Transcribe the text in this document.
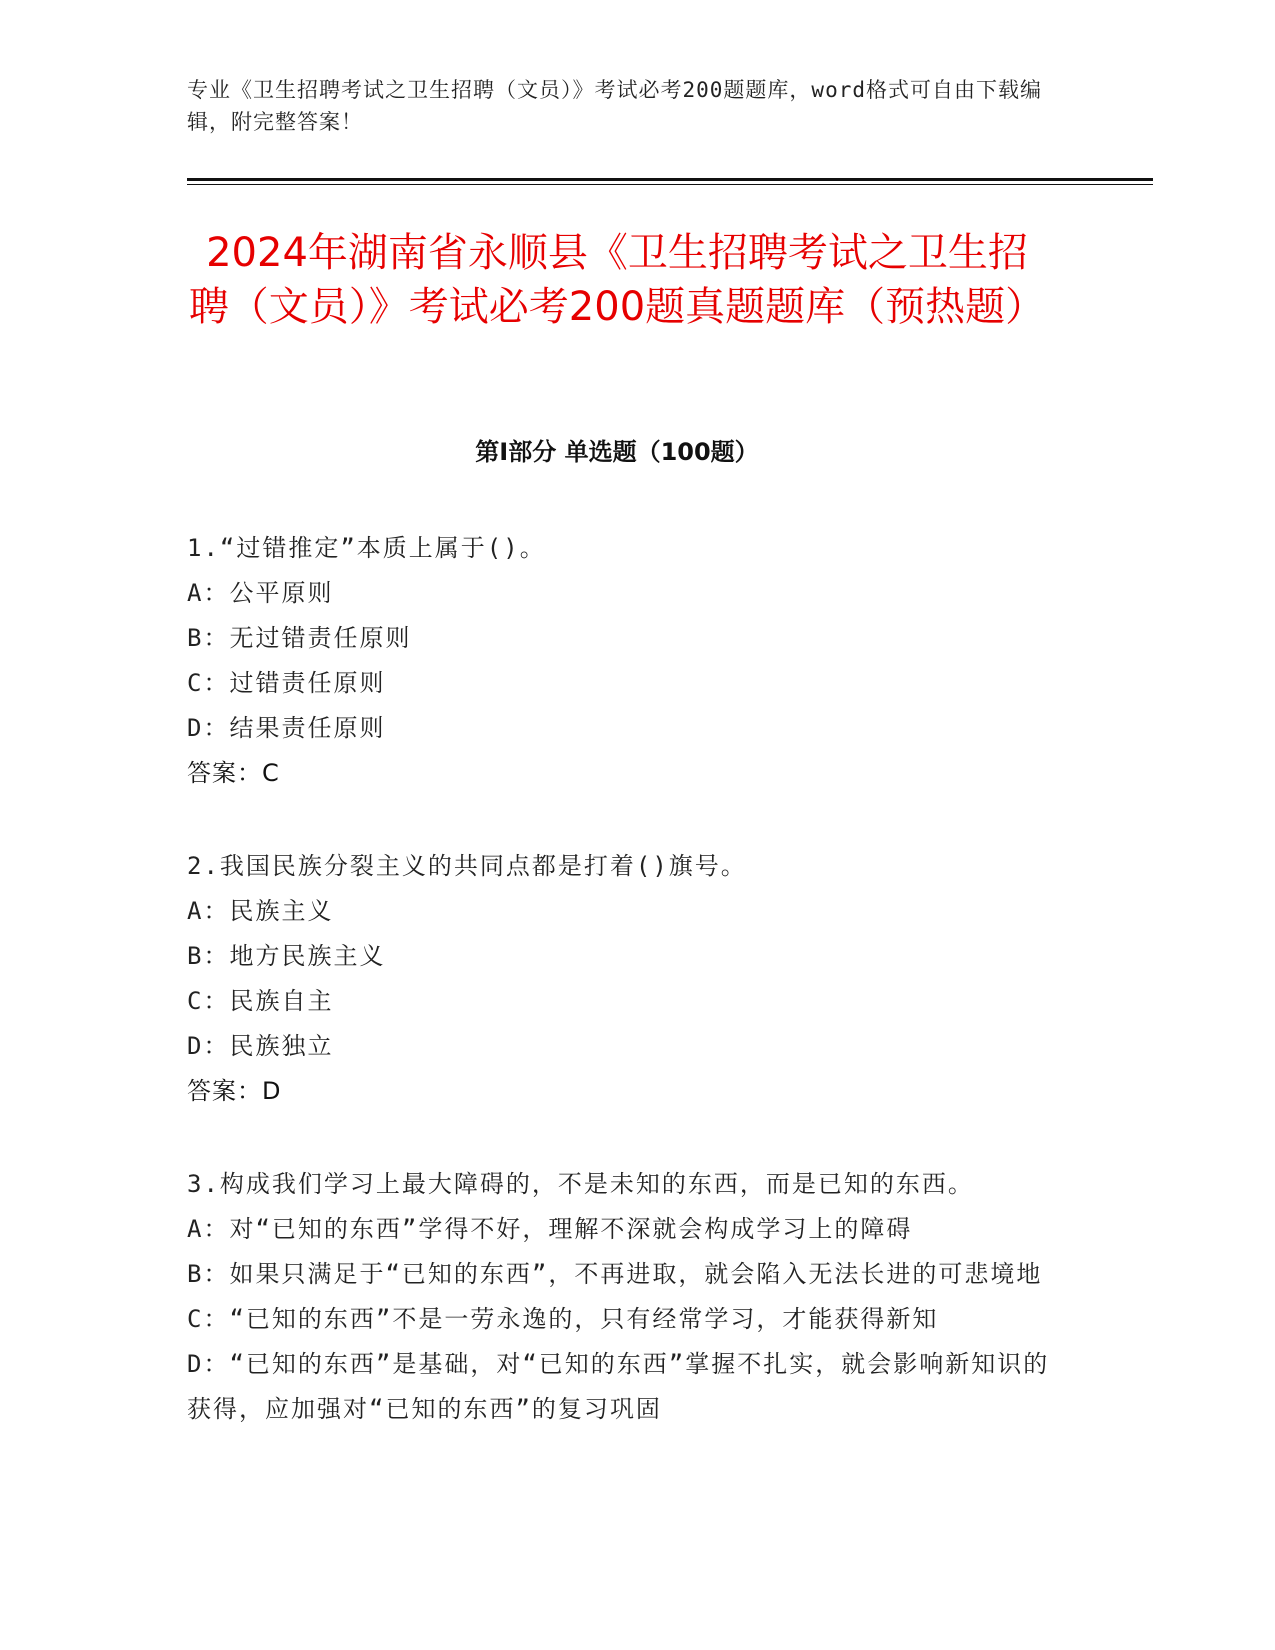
专业《卫生招聘考试之卫生招聘（文员）》考试必考200题题库，word格式可自由下载编辑，附完整答案！
2024年湖南省永顺县《卫生招聘考试之卫生招聘（文员）》考试必考200题真题题库（预热题）
第Ⅰ部分 单选题（100题）
1.“过错推定”本质上属于()。
A：公平原则
B：无过错责任原则
C：过错责任原则
D：结果责任原则
答案：C
2.我国民族分裂主义的共同点都是打着()旗号。
A：民族主义
B：地方民族主义
C：民族自主
D：民族独立
答案：D
3.构成我们学习上最大障碍的，不是未知的东西，而是已知的东西。
A：对“已知的东西”学得不好，理解不深就会构成学习上的障碍
B：如果只满足于“已知的东西”，不再进取，就会陷入无法长进的可悲境地
C：“已知的东西”不是一劳永逸的，只有经常学习，才能获得新知
D：“已知的东西”是基础，对“已知的东西”掌握不扎实，就会影响新知识的获得，应加强对“已知的东西”的复习巩固
